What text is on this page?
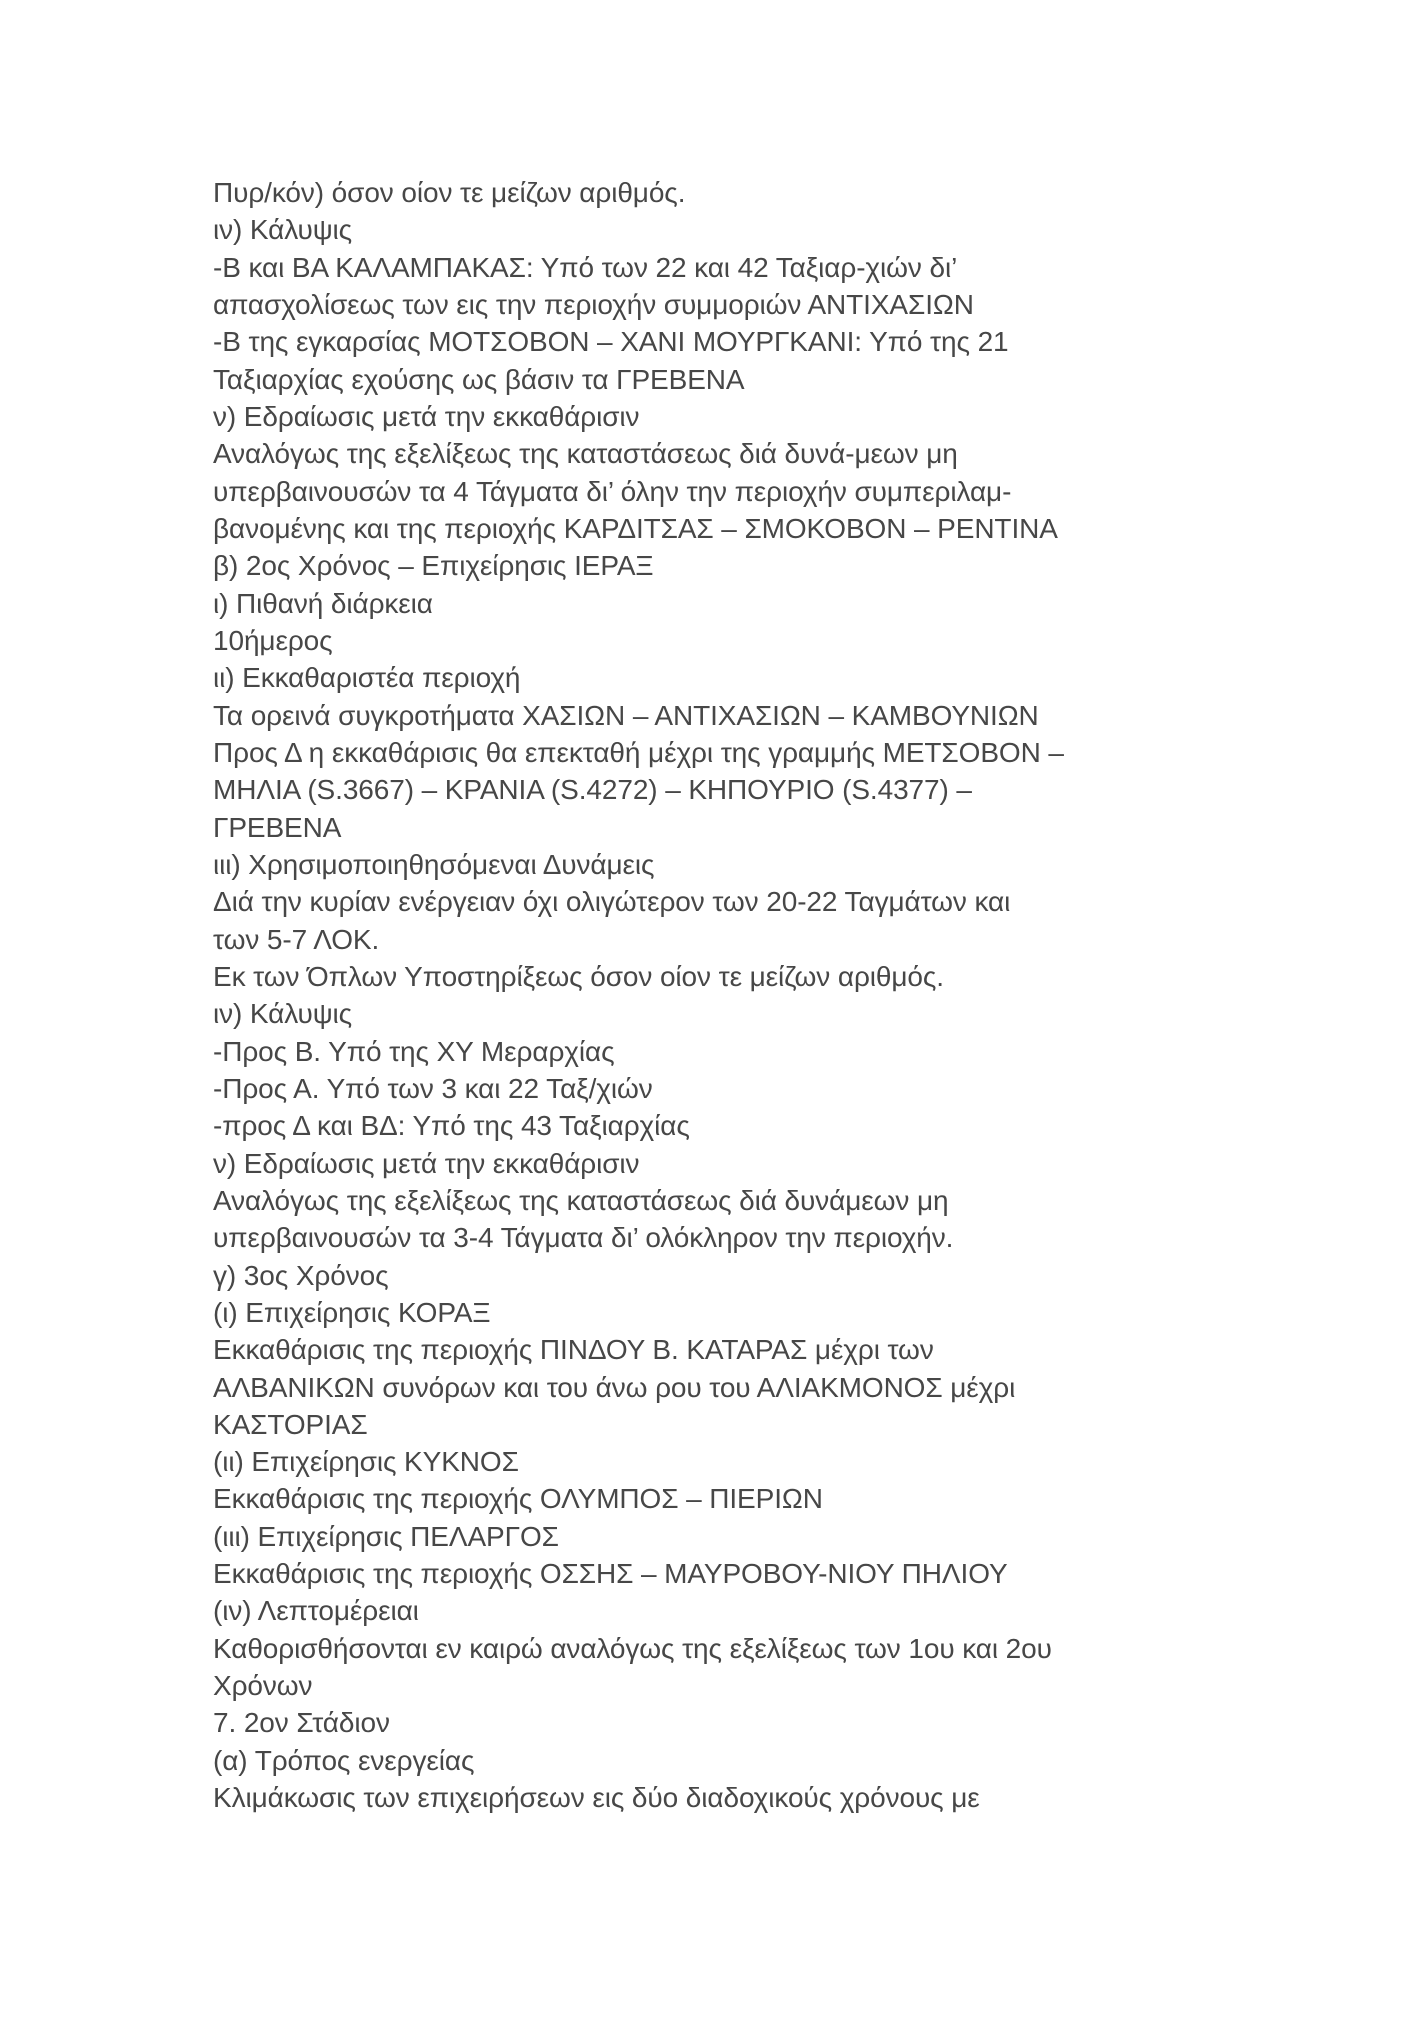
Πυρ/κόν) όσον οίον τε μείζων αριθμός.
ιν) Κάλυψις
-Β και ΒΑ ΚΑΛΑΜΠΑΚΑΣ: Υπό των 22 και 42 Ταξιαρ-χιών δι’
απασχολίσεως των εις την περιοχήν συμμοριών ΑΝΤΙΧΑΣΙΩΝ
-Β της εγκαρσίας ΜΟΤΣΟΒΟΝ – ΧΑΝΙ ΜΟΥΡΓΚΑΝΙ: Υπό της 21
Ταξιαρχίας εχούσης ως βάσιν τα ΓΡΕΒΕΝΑ
ν) Εδραίωσις μετά την εκκαθάρισιν
Αναλόγως της εξελίξεως της καταστάσεως διά δυνά-μεων μη
υπερβαινουσών τα 4 Τάγματα δι’ όλην την περιοχήν συμπεριλαμ-
βανομένης και της περιοχής ΚΑΡΔΙΤΣΑΣ – ΣΜΟΚΟΒΟΝ – ΡΕΝΤΙΝΑ
β) 2ος Χρόνος – Επιχείρησις ΙΕΡΑΞ
ι) Πιθανή διάρκεια
10ήμερος
ιι) Εκκαθαριστέα περιοχή
Τα ορεινά συγκροτήματα ΧΑΣΙΩΝ – ΑΝΤΙΧΑΣΙΩΝ – ΚΑΜΒΟΥΝΙΩΝ
Προς Δ η εκκαθάρισις θα επεκταθή μέχρι της γραμμής ΜΕΤΣΟΒΟΝ –
ΜΗΛΙΑ (S.3667) – ΚΡΑΝΙΑ (S.4272) – ΚΗΠΟΥΡΙΟ (S.4377) –
ΓΡΕΒΕΝΑ
ιιι) Χρησιμοποιηθησόμεναι Δυνάμεις
Διά την κυρίαν ενέργειαν όχι ολιγώτερον των 20-22 Ταγμάτων και
των 5-7 ΛΟΚ.
Εκ των Όπλων Υποστηρίξεως όσον οίον τε μείζων αριθμός.
ιν) Κάλυψις
-Προς Β. Υπό της ΧΥ Μεραρχίας
-Προς Α. Υπό των 3 και 22 Ταξ/χιών
-προς Δ και ΒΔ: Υπό της 43 Ταξιαρχίας
ν) Εδραίωσις μετά την εκκαθάρισιν
Αναλόγως της εξελίξεως της καταστάσεως διά δυνάμεων μη
υπερβαινουσών τα 3-4 Τάγματα δι’ ολόκληρον την περιοχήν.
γ) 3ος Χρόνος
(ι) Επιχείρησις ΚΟΡΑΞ
Εκκαθάρισις της περιοχής ΠΙΝΔΟΥ Β. ΚΑΤΑΡΑΣ μέχρι των
ΑΛΒΑΝΙΚΩΝ συνόρων και του άνω ρου του ΑΛΙΑΚΜΟΝΟΣ μέχρι
ΚΑΣΤΟΡΙΑΣ
(ιι) Επιχείρησις ΚΥΚΝΟΣ
Εκκαθάρισις της περιοχής ΟΛΥΜΠΟΣ – ΠΙΕΡΙΩΝ
(ιιι) Επιχείρησις ΠΕΛΑΡΓΟΣ
Εκκαθάρισις της περιοχής ΟΣΣΗΣ – ΜΑΥΡΟΒΟΥ-ΝΙΟΥ ΠΗΛΙΟΥ
(ιν) Λεπτομέρειαι
Καθορισθήσονται εν καιρώ αναλόγως της εξελίξεως των 1ου και 2ου
Χρόνων
7. 2ον Στάδιον
(α) Τρόπος ενεργείας
Κλιμάκωσις των επιχειρήσεων εις δύο διαδοχικούς χρόνους με
